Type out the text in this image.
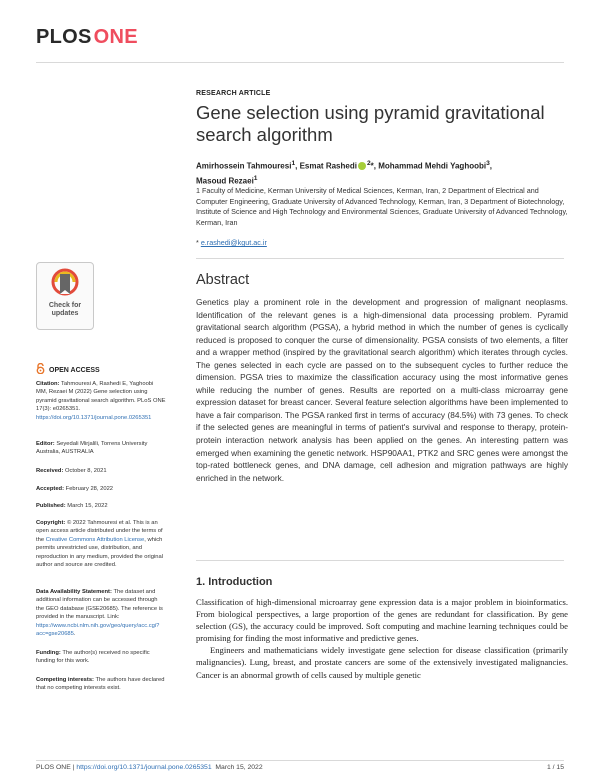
PLOS ONE
RESEARCH ARTICLE
Gene selection using pyramid gravitational search algorithm
Amirhossein Tahmouresi$^1$, Esmat Rashedi $^2$*, Mohammad Mehdi Yaghoobi$^3$,
Masoud Rezaei$^1$
1 Faculty of Medicine, Kerman University of Medical Sciences, Kerman, Iran, 2 Department of Electrical and Computer Engineering, Graduate University of Advanced Technology, Kerman, Iran, 3 Department of Biotechnology, Institute of Science and High Technology and Environmental Sciences, Graduate University of Advanced Technology, Kerman, Iran
* e.rashedi@kgut.ac.ir
Abstract
Genetics play a prominent role in the development and progression of malignant neoplasms. Identification of the relevant genes is a high-dimensional data processing problem. Pyramid gravitational search algorithm (PGSA), a hybrid method in which the number of genes is cyclically reduced is proposed to conquer the curse of dimensionality. PGSA consists of two elements, a filter and a wrapper method (inspired by the gravitational search algorithm) which iterates through cycles. The genes selected in each cycle are passed on to the subsequent cycles to further reduce the dimension. PGSA tries to maximize the classification accuracy using the most informative genes while reducing the number of genes. Results are reported on a multi-class microarray gene expression dataset for breast cancer. Several feature selection algorithms have been implemented to have a fair comparison. The PGSA ranked first in terms of accuracy (84.5%) with 73 genes. To check if the selected genes are meaningful in terms of patient's survival and response to therapy, protein-protein interaction network analysis has been applied on the genes. An interesting pattern was emerged when examining the genetic network. HSP90AA1, PTK2 and SRC genes were amongst the top-rated bottleneck genes, and DNA damage, cell adhesion and migration pathways are highly enriched in the network.
1. Introduction

Classification of high-dimensional microarray gene expression data is a major problem in bioinformatics. From biological perspectives, a large proportion of the genes are redundant for classification. By gene selection (GS), the accuracy could be improved. Soft computing and machine learning techniques could be promising for finding the most informative and predictive genes.

Engineers and mathematicians widely investigate gene selection for disease classification (primarily malignancies). Lung, breast, and prostate cancers are some of the extensively investigated malignancies. Cancer is an abnormal growth of cells caused by multiple genetic

Check for
updates
OPEN ACCESS
Citation: Tahmouresi A, Rashedi E, Yaghoobi MM, Rezaei M (2022) Gene selection using pyramid gravitational search algorithm. PLoS ONE 17(3): e0265351. https://doi.org/10.1371/journal.pone.0265351
Editor: Seyedali Mirjalili, Torrens University Australia, AUSTRALIA
Received: October 8, 2021
Accepted: February 28, 2022
Published: March 15, 2022
Copyright: © 2022 Tahmouresi et al. This is an open access article distributed under the terms of the Creative Commons Attribution License, which permits unrestricted use, distribution, and reproduction in any medium, provided the original author and source are credited.
Data Availability Statement: The dataset and additional information can be accessed through the GEO database (GSE20685). The reference is provided in the manuscript. Link: https://www.ncbi.nlm.nih.gov/geo/query/acc.cgi?acc=gse20685.
Funding: The author(s) received no specific funding for this work.
Competing interests: The authors have declared that no competing interests exist.
PLOS ONE | https://doi.org/10.1371/journal.pone.0265351 March 15, 2022	1 / 15
